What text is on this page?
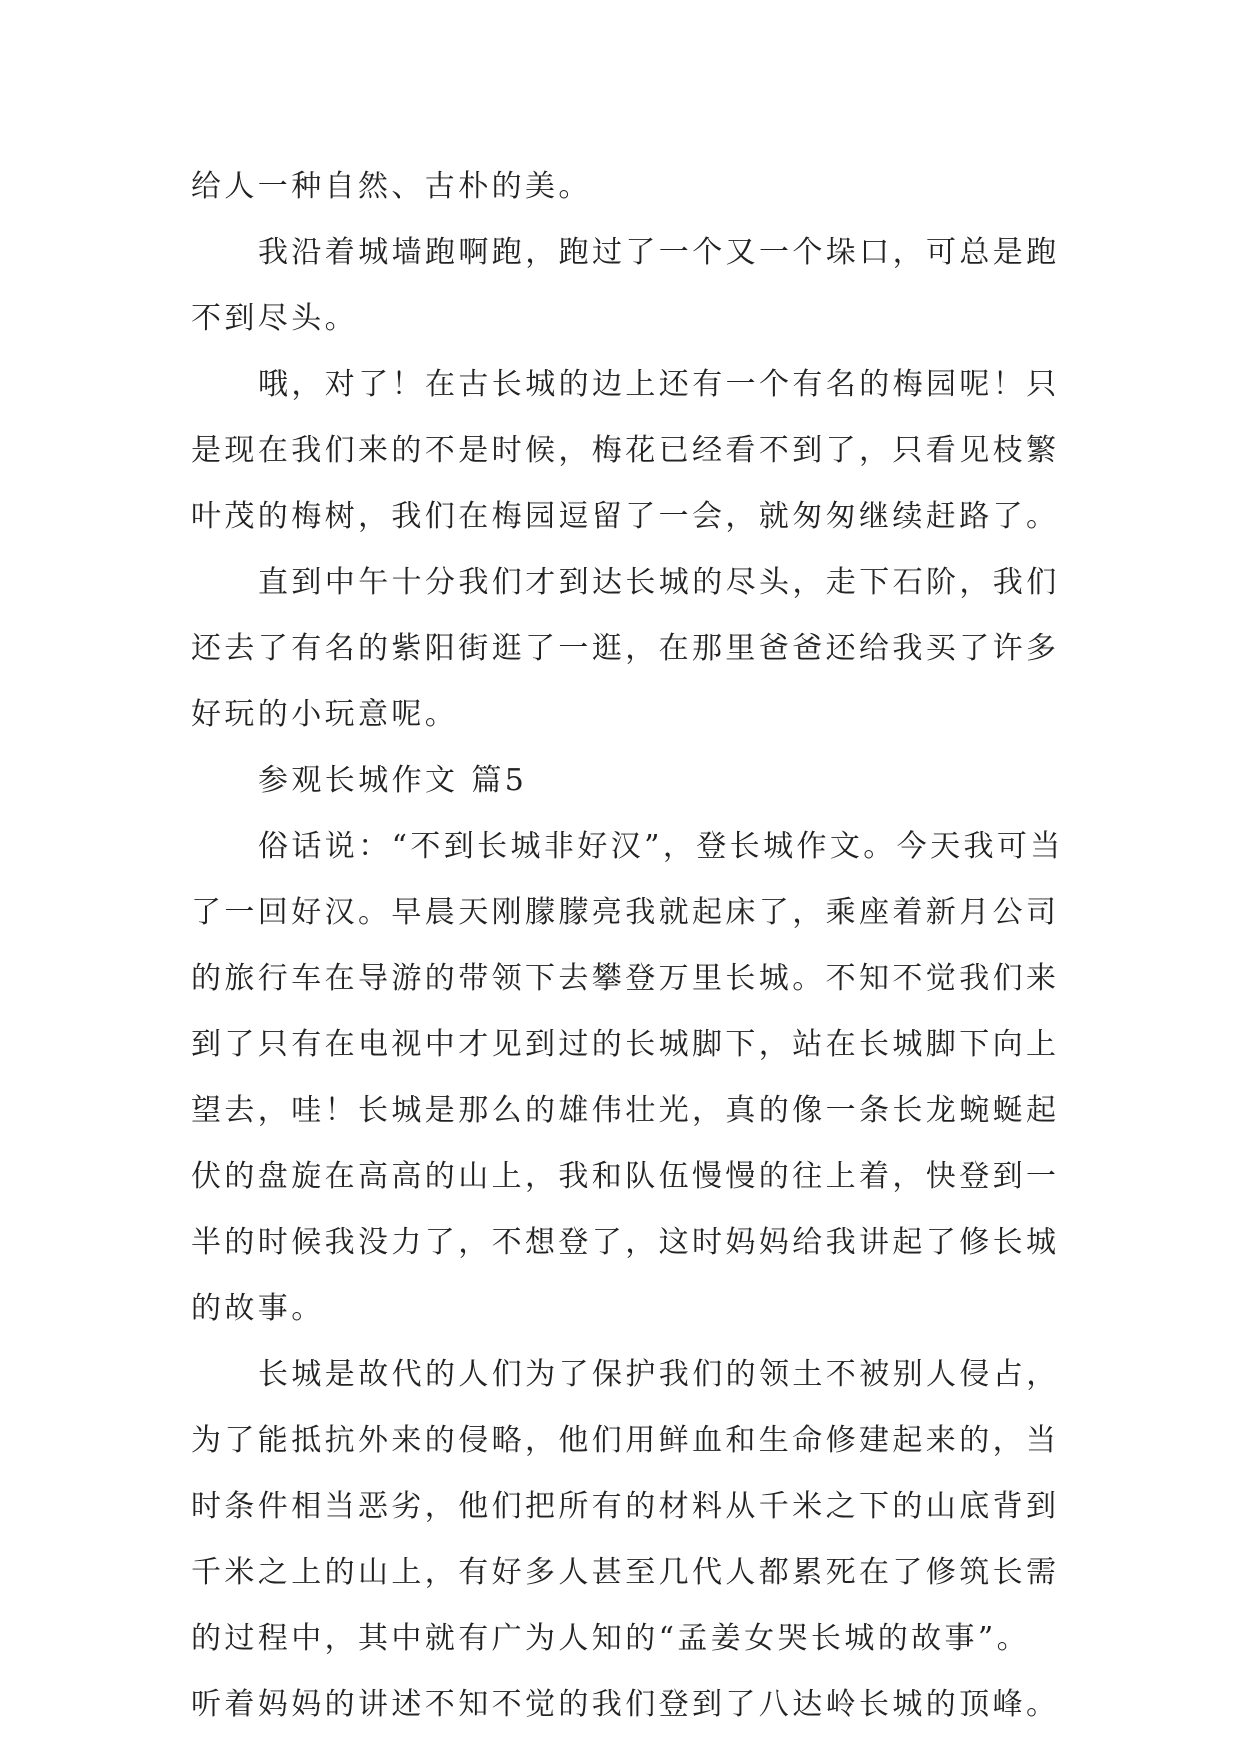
给人一种自然、古朴的美。
我沿着城墙跑啊跑，跑过了一个又一个垛口，可总是跑
不到尽头。
哦，对了！在古长城的边上还有一个有名的梅园呢！只
是现在我们来的不是时候，梅花已经看不到了，只看见枝繁
叶茂的梅树，我们在梅园逗留了一会，就匆匆继续赶路了。
直到中午十分我们才到达长城的尽头，走下石阶，我们
还去了有名的紫阳街逛了一逛，在那里爸爸还给我买了许多
好玩的小玩意呢。
参观长城作文 篇5
俗话说：“不到长城非好汉”，登长城作文。今天我可当
了一回好汉。早晨天刚朦朦亮我就起床了，乘座着新月公司
的旅行车在导游的带领下去攀登万里长城。不知不觉我们来
到了只有在电视中才见到过的长城脚下，站在长城脚下向上
望去，哇！长城是那么的雄伟壮光，真的像一条长龙蜿蜒起
伏的盘旋在高高的山上，我和队伍慢慢的往上着，快登到一
半的时候我没力了，不想登了，这时妈妈给我讲起了修长城
的故事。
长城是故代的人们为了保护我们的领土不被别人侵占，
为了能抵抗外来的侵略，他们用鲜血和生命修建起来的，当
时条件相当恶劣，他们把所有的材料从千米之下的山底背到
千米之上的山上，有好多人甚至几代人都累死在了修筑长需
的过程中，其中就有广为人知的“孟姜女哭长城的故事”。
听着妈妈的讲述不知不觉的我们登到了八达岭长城的顶峰。
